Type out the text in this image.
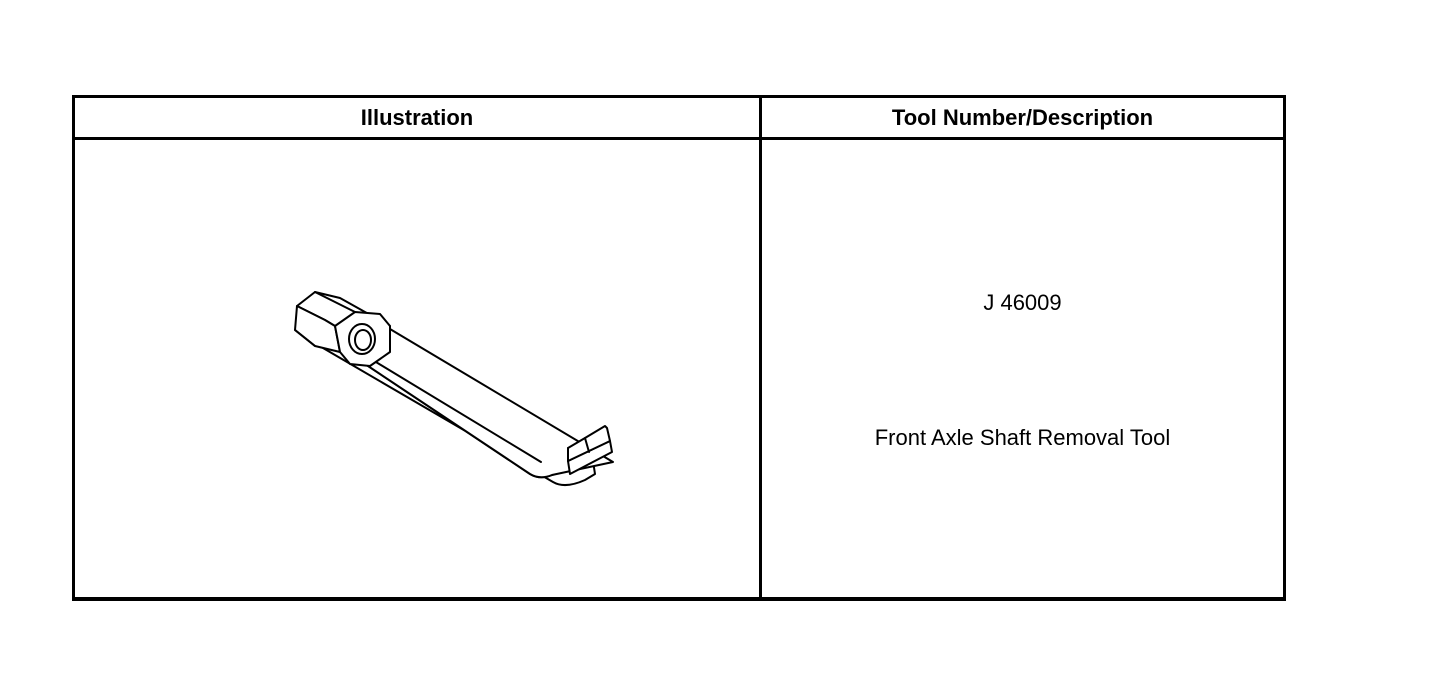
Illustration	Tool Number/Description
J 46009
Front Axle Shaft Removal Tool
